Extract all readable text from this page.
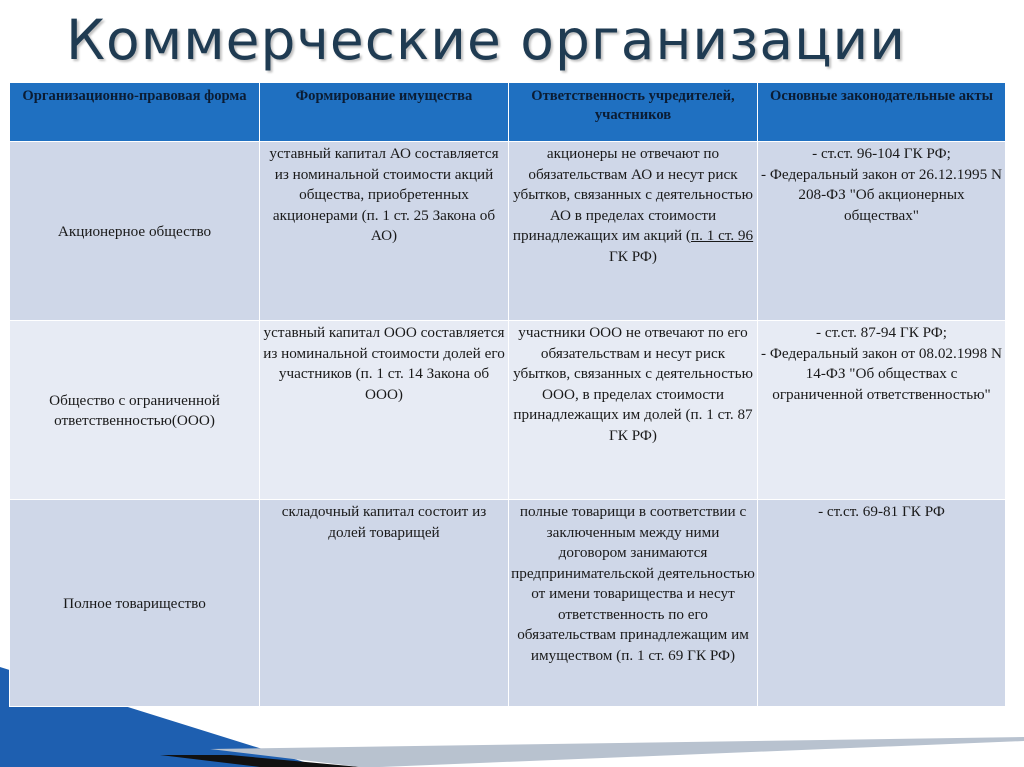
Коммерческие организации
Организационно-правовая форма	Формирование имущества	Ответственность учредителей, участников	Основные законодательные акты
Акционерное общество	уставный капитал АО составляется из номинальной стоимости акций общества, приобретенных акционерами (п. 1 ст. 25 Закона об АО)	акционеры не отвечают по обязательствам АО и несут риск убытков, связанных с деятельностью АО в пределах стоимости принадлежащих им акций (п. 1 ст. 96 ГК РФ)	- ст.ст. 96-104 ГК РФ;
- Федеральный закон от 26.12.1995 N 208-ФЗ "Об акционерных обществах"

Общество с ограниченной ответственностью(ООО)	уставный капитал ООО составляется из номинальной стоимости долей его участников (п. 1 ст. 14 Закона об ООО)	участники ООО не отвечают по его обязательствам и несут риск убытков, связанных с деятельностью ООО, в пределах стоимости принадлежащих им долей (п. 1 ст. 87 ГК РФ)	- ст.ст. 87-94 ГК РФ;
- Федеральный закон от 08.02.1998 N 14-ФЗ "Об обществах с ограниченной ответственностью"

Полное товарищество	складочный капитал состоит из долей товарищей	полные товарищи в соответствии с заключенным между ними договором занимаются предпринимательской деятельностью от имени товарищества и несут ответственность по его обязательствам принадлежащим им имуществом (п. 1 ст. 69 ГК РФ)	- ст.ст. 69-81 ГК РФ
